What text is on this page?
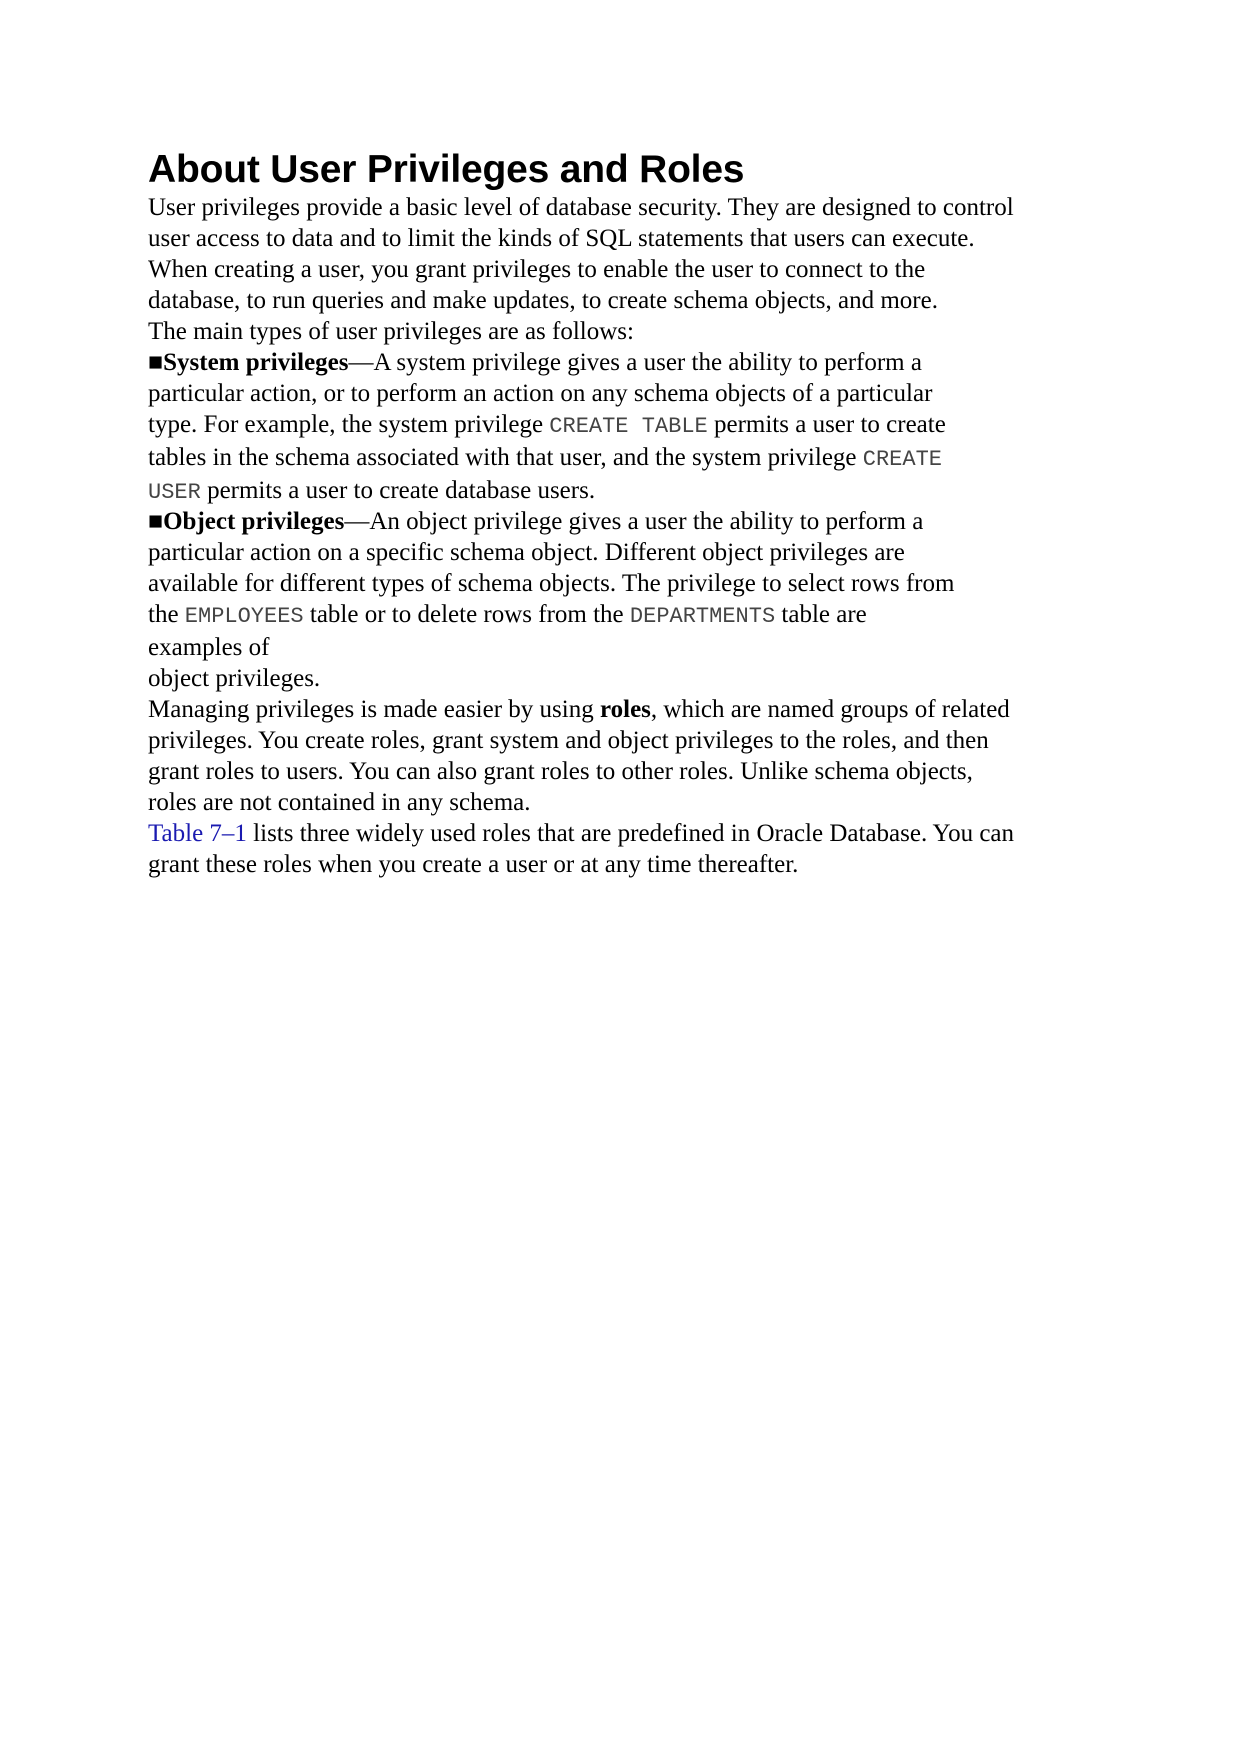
About User Privileges and Roles
User privileges provide a basic level of database security. They are designed to control
user access to data and to limit the kinds of SQL statements that users can execute.
When creating a user, you grant privileges to enable the user to connect to the
database, to run queries and make updates, to create schema objects, and more.
The main types of user privileges are as follows:
■System privileges—A system privilege gives a user the ability to perform a
particular action, or to perform an action on any schema objects of a particular
type. For example, the system privilege CREATE TABLE permits a user to create
tables in the schema associated with that user, and the system privilege CREATE
USER permits a user to create database users.
■Object privileges—An object privilege gives a user the ability to perform a
particular action on a specific schema object. Different object privileges are
available for different types of schema objects. The privilege to select rows from
the EMPLOYEES table or to delete rows from the DEPARTMENTS table are
examples of
object privileges.
Managing privileges is made easier by using roles, which are named groups of related
privileges. You create roles, grant system and object privileges to the roles, and then
grant roles to users. You can also grant roles to other roles. Unlike schema objects,
roles are not contained in any schema.
Table 7–1 lists three widely used roles that are predefined in Oracle Database. You can
grant these roles when you create a user or at any time thereafter.
